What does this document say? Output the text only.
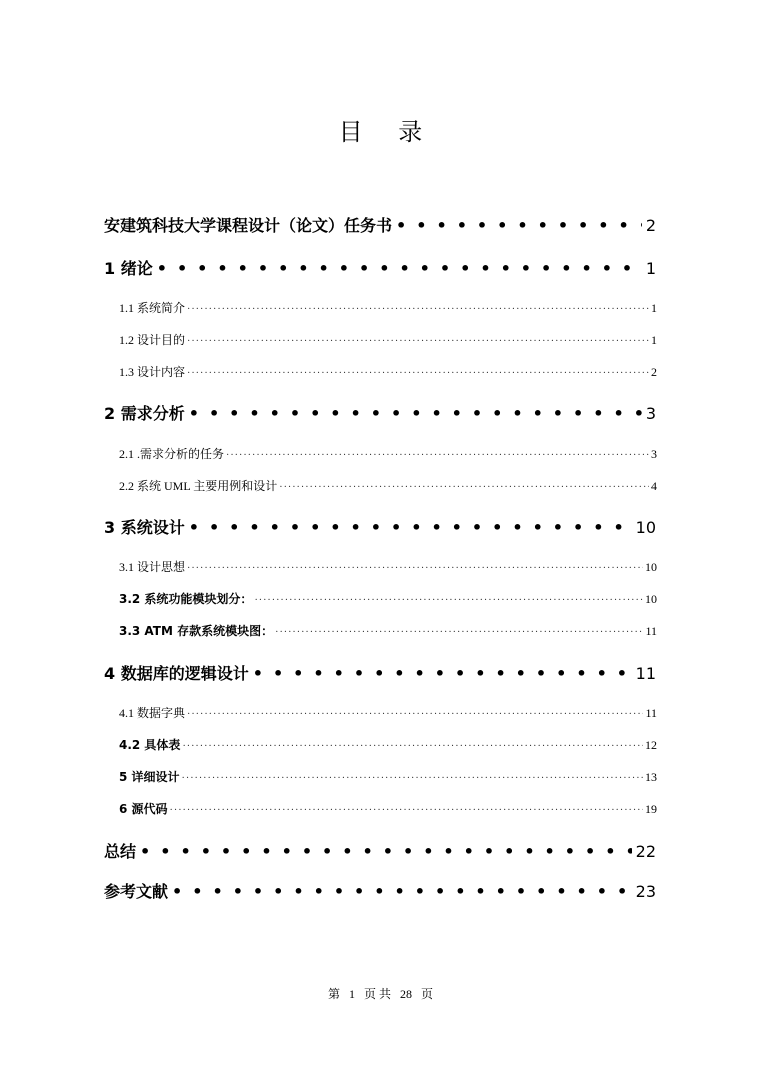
目 录
安建筑科技大学课程设计（论文）任务书 •••••	2
1 绪论 •••••	1
1.1 系统简介 ·····	1
1.2 设计目的 ·····	1
1.3 设计内容 ·····	2
2 需求分析 •••••	3
2.1 .需求分析的任务 ·····	3
2.2 系统 UML 主要用例和设计 ·····	4
3 系统设计 •••••	10
3.1 设计思想 ·····	10
3.2 系统功能模块划分： ·····	10
3.3 ATM 存款系统模块图： ·····	11
4 数据库的逻辑设计 •••••	11
4.1 数据字典 ·····	11
4.2 具体表 ·····	12
5 详细设计 ·····	13
6 源代码 ·····	19
总结 •••••	22
参考文献 •••••	23
第 1 页 共 28 页
